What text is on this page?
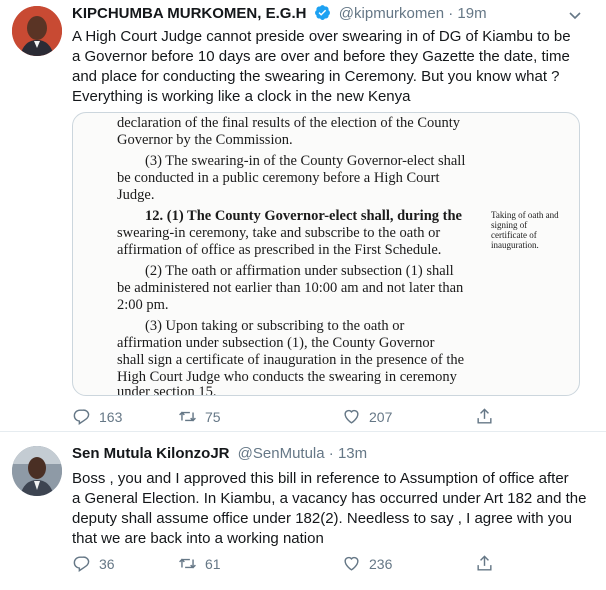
KIPCHUMBA MURKOMEN, E.G.H @kipmurkomen · 19m
A High Court Judge cannot preside over swearing in of DG of Kiambu to be
a Governor before 10 days are over and before they Gazette the date, time
and place for conducting the swearing in Ceremony. But you know what ?
Everything is working like a clock in the new Kenya
declaration of the final results of the election of the County
Governor by the Commission.
(3) The swearing-in of the County Governor-elect shall
be conducted in a public ceremony before a High Court
Judge.
12. (1) The County Governor-elect shall, during the
swearing-in ceremony, take and subscribe to the oath or
affirmation of office as prescribed in the First Schedule.
(2) The oath or affirmation under subsection (1) shall
be administered not earlier than 10:00 am and not later than
2:00 pm.
(3) Upon taking or subscribing to the oath or
affirmation under subsection (1), the County Governor
shall sign a certificate of inauguration in the presence of the
High Court Judge who conducts the swearing in ceremony
under section 15.
Taking of oath and
signing of
certificate of
inauguration.
163	75	207
Sen Mutula KilonzoJR @SenMutula · 13m
Boss , you and I approved this bill in reference to Assumption of office after
a General Election. In Kiambu, a vacancy has occurred under Art 182 and the
deputy shall assume office under 182(2). Needless to say , I agree with you
that we are back into a working nation
36	61	236
